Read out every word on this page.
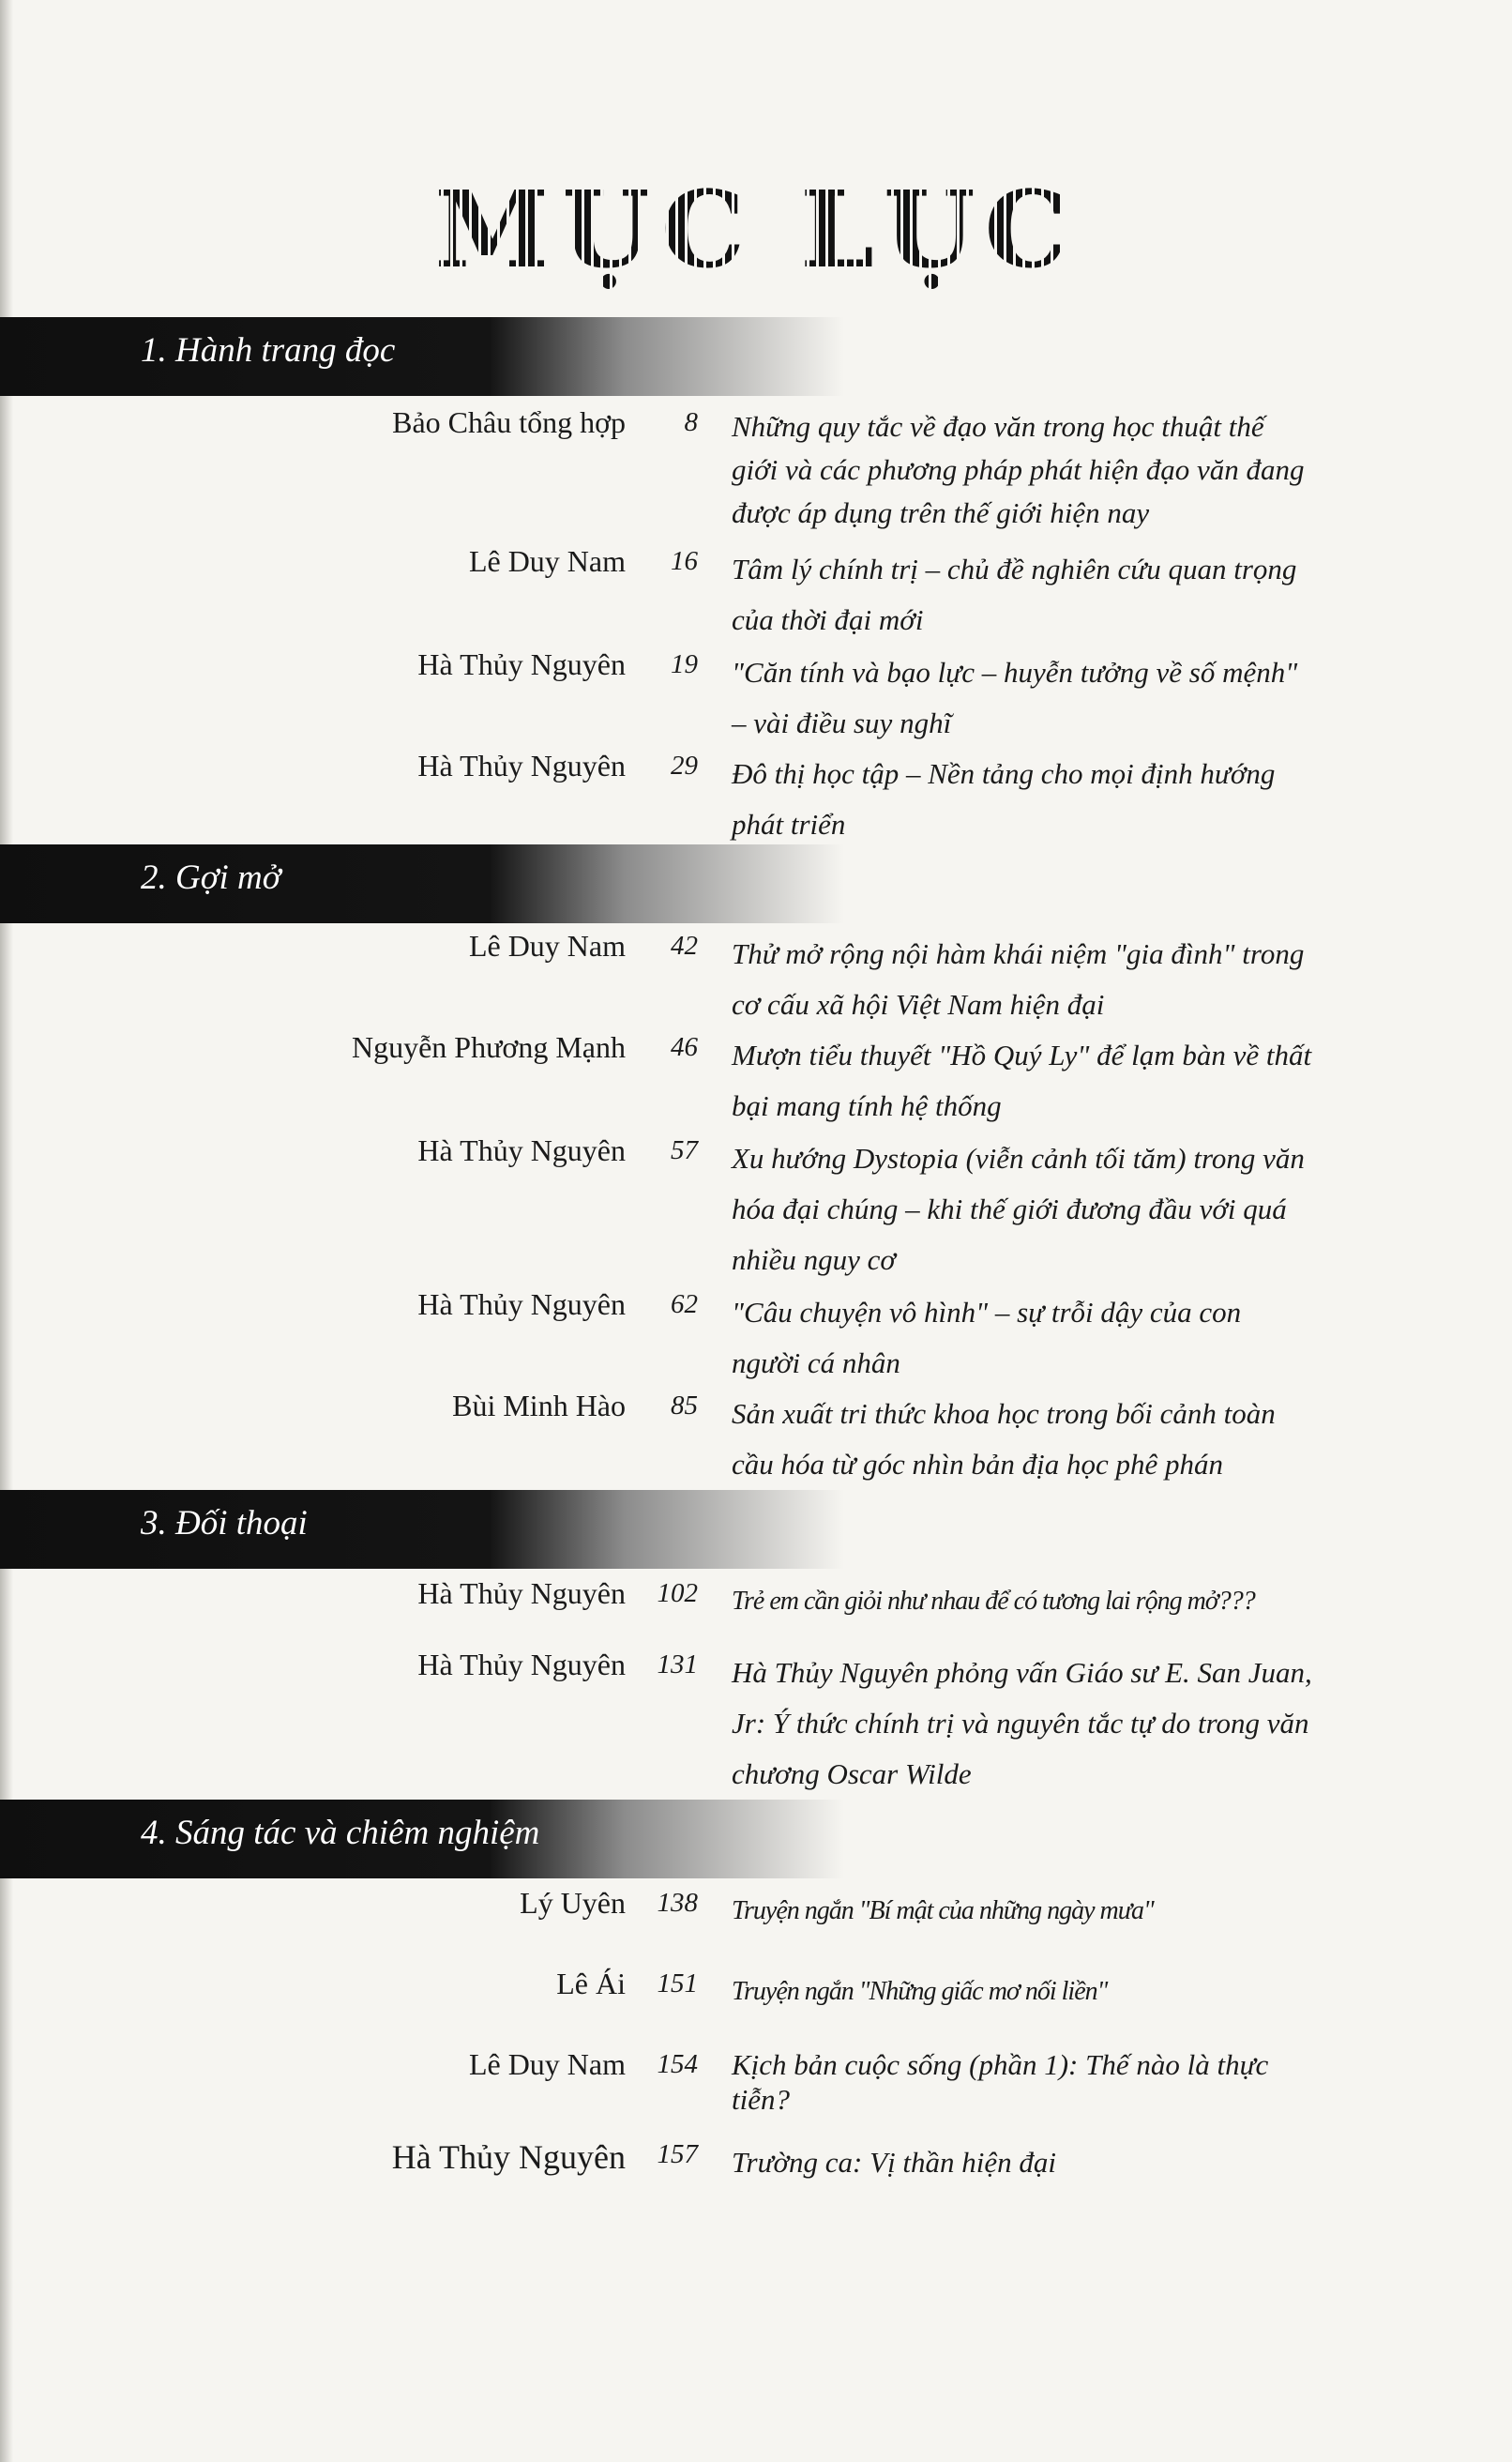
MỤC LỤC
1. Hành trang đọc
Bảo Châu tổng hợp	8 Những quy tắc về đạo văn trong học thuật thế giới và các phương pháp phát hiện đạo văn đang được áp dụng trên thế giới hiện nay
Lê Duy Nam	16 Tâm lý chính trị – chủ đề nghiên cứu quan trọng của thời đại mới
Hà Thủy Nguyên	19 "Căn tính và bạo lực – huyễn tưởng về số mệnh" – vài điều suy nghĩ
Hà Thủy Nguyên	29 Đô thị học tập – Nền tảng cho mọi định hướng phát triển
2. Gợi mở
Lê Duy Nam	42 Thử mở rộng nội hàm khái niệm "gia đình" trong cơ cấu xã hội Việt Nam hiện đại
Nguyễn Phương Mạnh	46 Mượn tiểu thuyết "Hồ Quý Ly" để lạm bàn về thất bại mang tính hệ thống
Hà Thủy Nguyên	57 Xu hướng Dystopia (viễn cảnh tối tăm) trong văn hóa đại chúng – khi thế giới đương đầu với quá nhiều nguy cơ
Hà Thủy Nguyên	62 "Câu chuyện vô hình" – sự trỗi dậy của con người cá nhân
Bùi Minh Hào	85 Sản xuất tri thức khoa học trong bối cảnh toàn cầu hóa từ góc nhìn bản địa học phê phán
3. Đối thoại
Hà Thủy Nguyên	102 Trẻ em cần giỏi như nhau để có tương lai rộng mở???
Hà Thủy Nguyên	131 Hà Thủy Nguyên phỏng vấn Giáo sư E. San Juan, Jr: Ý thức chính trị và nguyên tắc tự do trong văn chương Oscar Wilde
4. Sáng tác và chiêm nghiệm
Lý Uyên	138 Truyện ngắn "Bí mật của những ngày mưa"
Lê Ái	151 Truyện ngắn "Những giấc mơ nối liền"
Lê Duy Nam	154 Kịch bản cuộc sống (phần 1): Thế nào là thực tiễn?
Hà Thủy Nguyên	157 Trường ca: Vị thần hiện đại
